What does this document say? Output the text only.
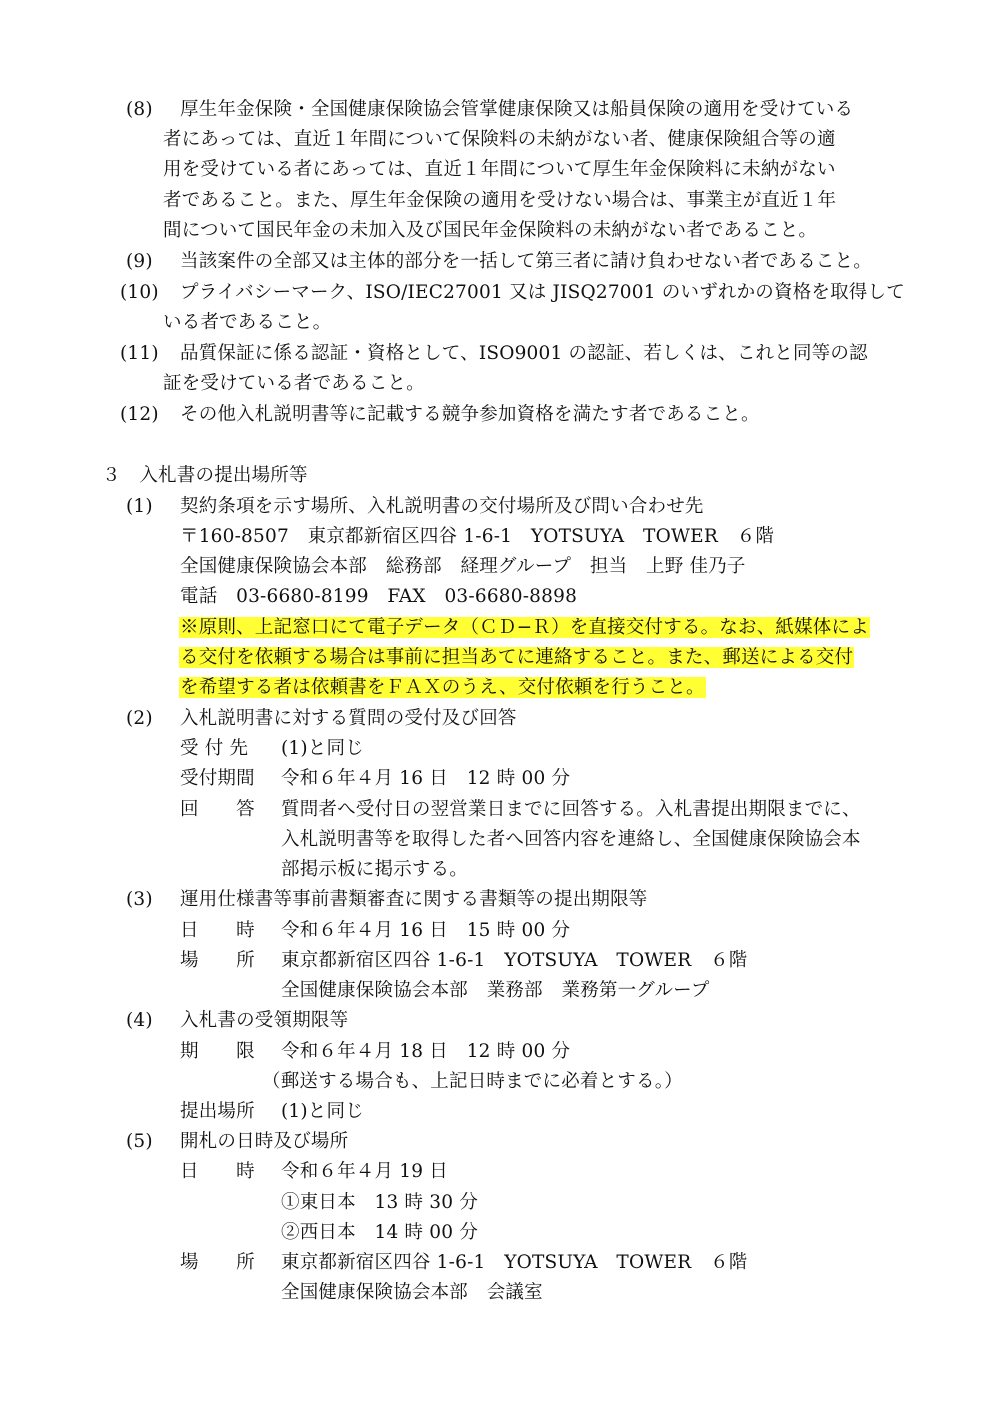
(8) 厚生年金保険・全国健康保険協会管掌健康保険又は船員保険の適用を受けている
者にあっては、直近１年間について保険料の未納がない者、健康保険組合等の適
用を受けている者にあっては、直近１年間について厚生年金保険料に未納がない
者であること。また、厚生年金保険の適用を受けない場合は、事業主が直近１年
間について国民年金の未加入及び国民年金保険料の未納がない者であること。
(9) 当該案件の全部又は主体的部分を一括して第三者に請け負わせない者であること。
(10) プライバシーマーク、ISO/IEC27001 又は JISQ27001 のいずれかの資格を取得して
いる者であること。
(11) 品質保証に係る認証・資格として、ISO9001 の認証、若しくは、これと同等の認
証を受けている者であること。
(12) その他入札説明書等に記載する競争参加資格を満たす者であること。
３　入札書の提出場所等
(1) 契約条項を示す場所、入札説明書の交付場所及び問い合わせ先
〒160-8507　東京都新宿区四谷 1-6-1　YOTSUYA　TOWER　６階
全国健康保険協会本部　総務部　経理グループ　担当　上野 佳乃子
電話　03-6680-8199　FAX　03-6680-8898
※原則、上記窓口にて電子データ（ＣＤ−Ｒ）を直接交付する。なお、紙媒体によ
る交付を依頼する場合は事前に担当あてに連絡すること。また、郵送による交付
を希望する者は依頼書をＦＡＸのうえ、交付依頼を行うこと。
(2) 入札説明書に対する質問の受付及び回答
受 付 先 (1)と同じ
受付期間 令和６年４月 16 日　12 時 00 分
回　　答 質問者へ受付日の翌営業日までに回答する。入札書提出期限までに、
入札説明書等を取得した者へ回答内容を連絡し、全国健康保険協会本
部掲示板に掲示する。
(3) 運用仕様書等事前書類審査に関する書類等の提出期限等
日　　時 令和６年４月 16 日　15 時 00 分
場　　所 東京都新宿区四谷 1-6-1　YOTSUYA　TOWER　６階
全国健康保険協会本部　業務部　業務第一グループ
(4) 入札書の受領期限等
期　　限 令和６年４月 18 日　12 時 00 分
（郵送する場合も、上記日時までに必着とする。）
提出場所 (1)と同じ
(5) 開札の日時及び場所
日　　時 令和６年４月 19 日
①東日本　13 時 30 分
②西日本　14 時 00 分
場　　所 東京都新宿区四谷 1-6-1　YOTSUYA　TOWER　６階
全国健康保険協会本部　会議室
